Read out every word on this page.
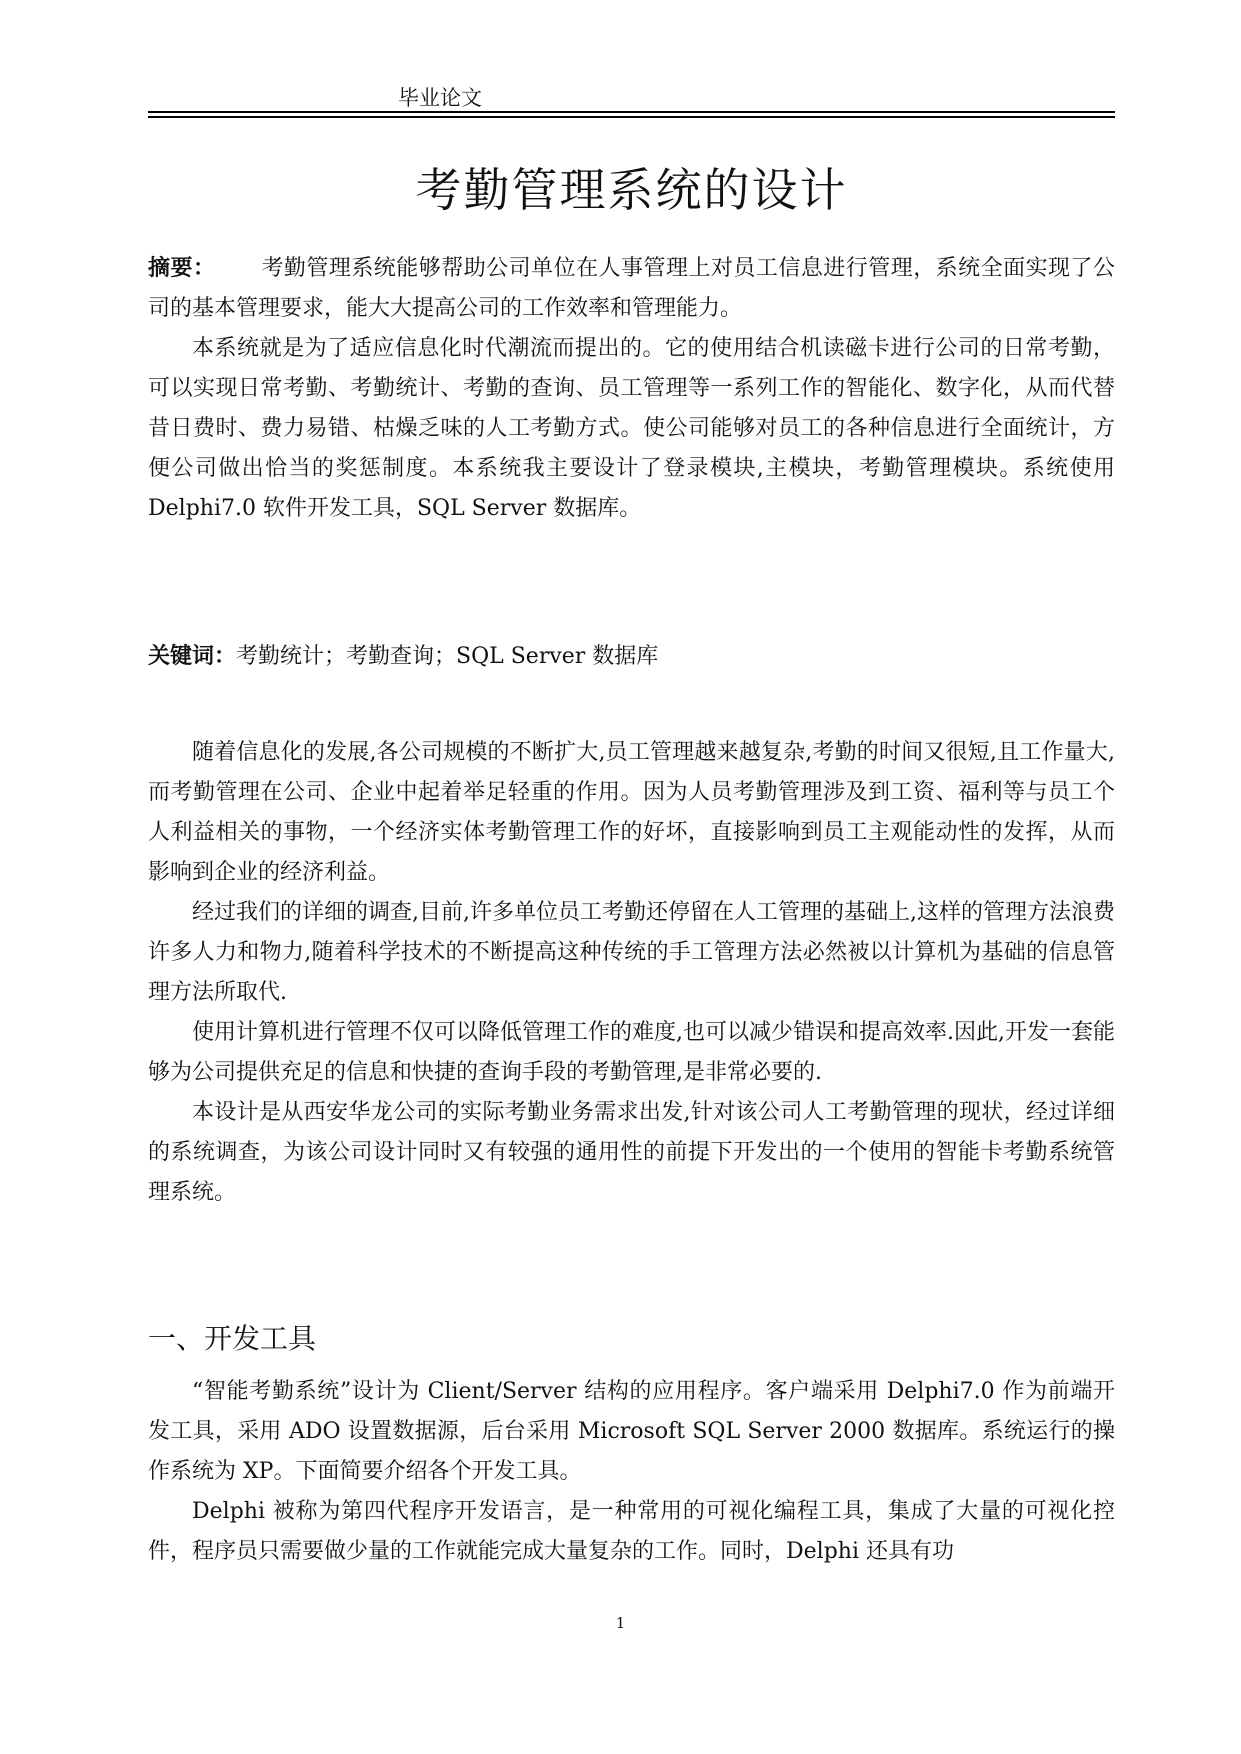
毕业论文
考勤管理系统的设计

摘要： 考勤管理系统能够帮助公司单位在人事管理上对员工信息进行管理，系统全面实现了公司的基本管理要求，能大大提高公司的工作效率和管理能力。

本系统就是为了适应信息化时代潮流而提出的。它的使用结合机读磁卡进行公司的日常考勤，可以实现日常考勤、考勤统计、考勤的查询、员工管理等一系列工作的智能化、数字化，从而代替昔日费时、费力易错、枯燥乏味的人工考勤方式。使公司能够对员工的各种信息进行全面统计，方便公司做出恰当的奖惩制度。本系统我主要设计了登录模块,主模块，考勤管理模块。系统使用 Delphi7.0 软件开发工具，SQL Server 数据库。

关键词：考勤统计；考勤查询；SQL Server 数据库

随着信息化的发展,各公司规模的不断扩大,员工管理越来越复杂,考勤的时间又很短,且工作量大, 而考勤管理在公司、企业中起着举足轻重的作用。因为人员考勤管理涉及到工资、福利等与员工个人利益相关的事物，一个经济实体考勤管理工作的好坏，直接影响到员工主观能动性的发挥，从而影响到企业的经济利益。

经过我们的详细的调查,目前,许多单位员工考勤还停留在人工管理的基础上,这样的管理方法浪费许多人力和物力,随着科学技术的不断提高这种传统的手工管理方法必然被以计算机为基础的信息管理方法所取代.

使用计算机进行管理不仅可以降低管理工作的难度,也可以减少错误和提高效率.因此,开发一套能够为公司提供充足的信息和快捷的查询手段的考勤管理,是非常必要的.

本设计是从西安华龙公司的实际考勤业务需求出发,针对该公司人工考勤管理的现状，经过详细的系统调查，为该公司设计同时又有较强的通用性的前提下开发出的一个使用的智能卡考勤系统管理系统。

一、开发工具

“智能考勤系统”设计为 Client/Server 结构的应用程序。客户端采用 Delphi7.0 作为前端开发工具，采用 ADO 设置数据源，后台采用 Microsoft SQL Server 2000 数据库。系统运行的操作系统为 XP。下面简要介绍各个开发工具。

Delphi 被称为第四代程序开发语言，是一种常用的可视化编程工具，集成了大量的可视化控件，程序员只需要做少量的工作就能完成大量复杂的工作。同时，Delphi 还具有功

1
